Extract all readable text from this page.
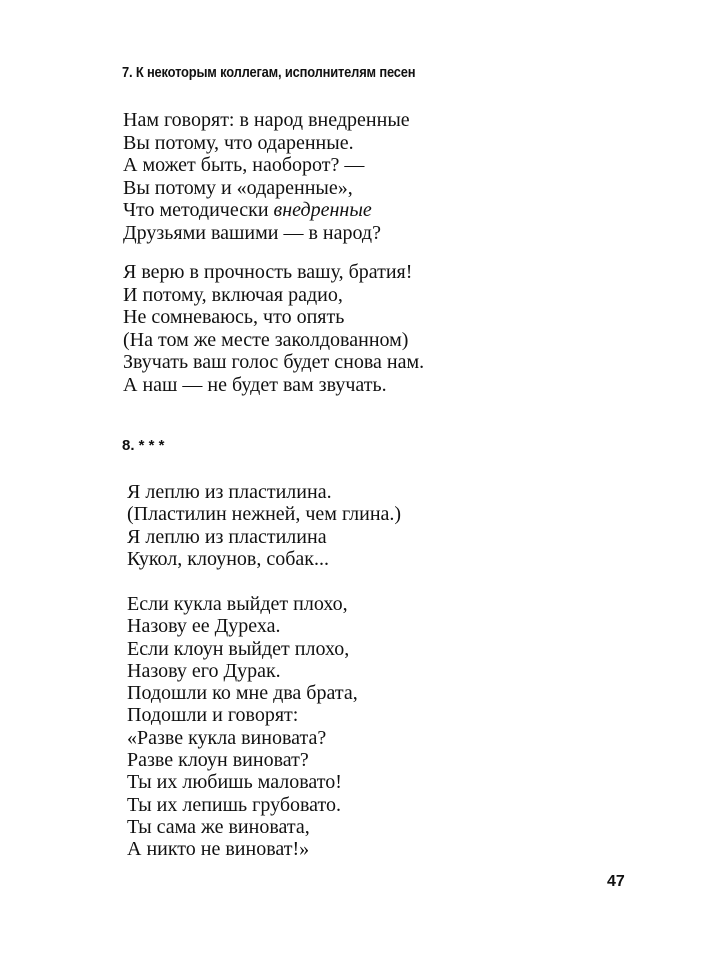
7. К некоторым коллегам, исполнителям песен
Нам говорят: в народ внедренные
Вы потому, что одаренные.
А может быть, наоборот? —
Вы потому и «одаренные»,
Что методически внедренные
Друзьями вашими — в народ?
Я верю в прочность вашу, братия!
И потому, включая радио,
Не сомневаюсь, что опять
(На том же месте заколдованном)
Звучать ваш голос будет снова нам.
А наш — не будет вам звучать.
8. * * *
Я леплю из пластилина.
(Пластилин нежней, чем глина.)
Я леплю из пластилина
Кукол, клоунов, собак...
Если кукла выйдет плохо,
Назову ее Дуреха.
Если клоун выйдет плохо,
Назову его Дурак.
Подошли ко мне два брата,
Подошли и говорят:
«Разве кукла виновата?
Разве клоун виноват?
Ты их любишь маловато!
Ты их лепишь грубовато.
Ты сама же виновата,
А никто не виноват!»
47
